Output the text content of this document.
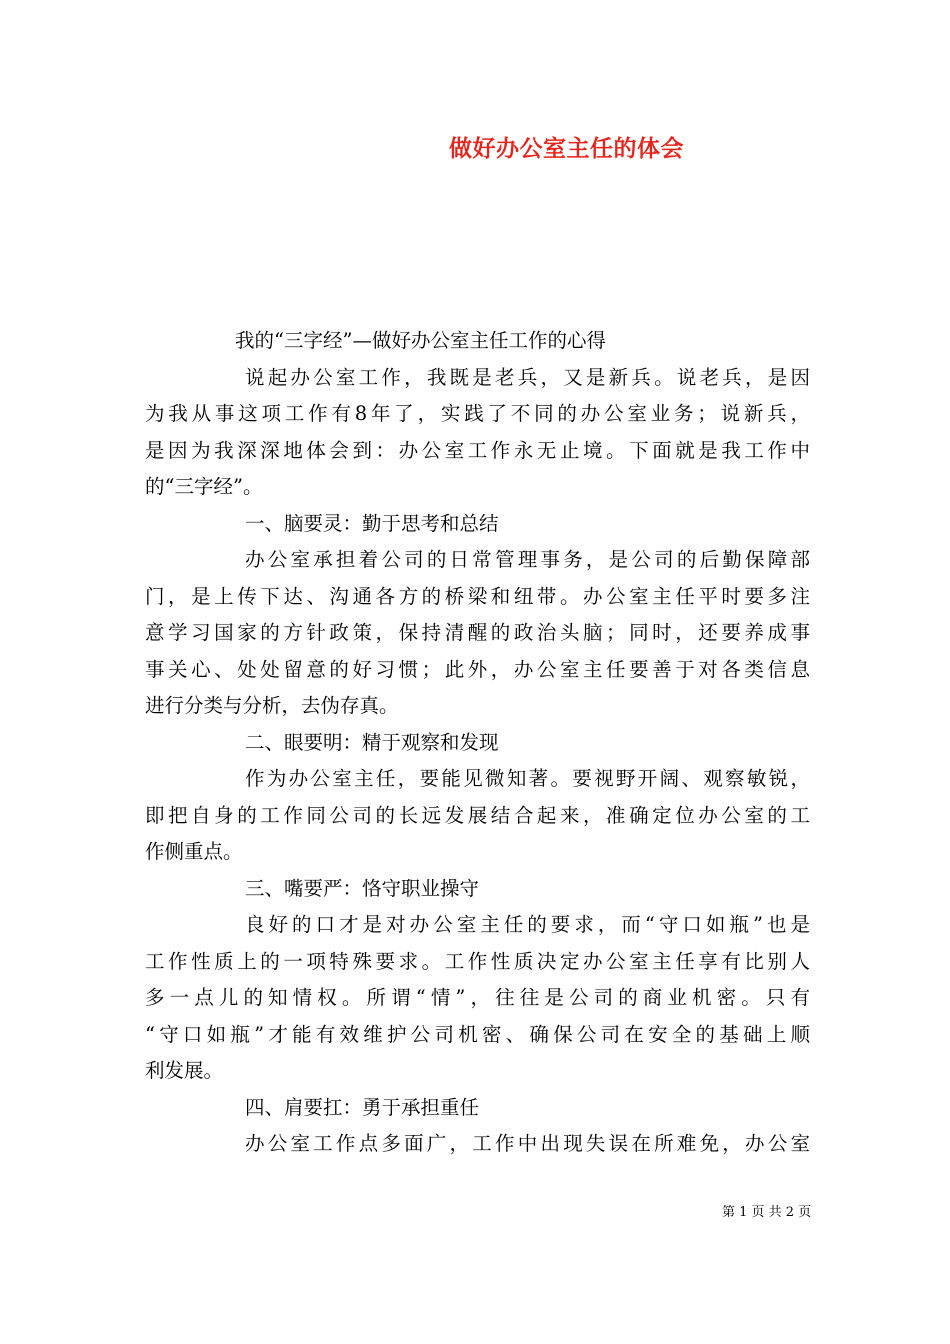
做好办公室主任的体会
我的“三字经”—做好办公室主任工作的心得
说起办公室工作，我既是老兵，又是新兵。说老兵，是因
为我从事这项工作有8年了，实践了不同的办公室业务；说新兵，
是因为我深深地体会到：办公室工作永无止境。下面就是我工作中
的“三字经”。
一、脑要灵：勤于思考和总结
办公室承担着公司的日常管理事务，是公司的后勤保障部
门，是上传下达、沟通各方的桥梁和纽带。办公室主任平时要多注
意学习国家的方针政策，保持清醒的政治头脑；同时，还要养成事
事关心、处处留意的好习惯；此外，办公室主任要善于对各类信息
进行分类与分析，去伪存真。
二、眼要明：精于观察和发现
作为办公室主任，要能见微知著。要视野开阔、观察敏锐，
即把自身的工作同公司的长远发展结合起来，准确定位办公室的工
作侧重点。
三、嘴要严：恪守职业操守
良好的口才是对办公室主任的要求，而“守口如瓶”也是
工作性质上的一项特殊要求。工作性质决定办公室主任享有比别人
多一点儿的知情权。所谓“情”，往往是公司的商业机密。只有
“守口如瓶”才能有效维护公司机密、确保公司在安全的基础上顺
利发展。
四、肩要扛：勇于承担重任
办公室工作点多面广，工作中出现失误在所难免，办公室
第 1 页 共 2 页
